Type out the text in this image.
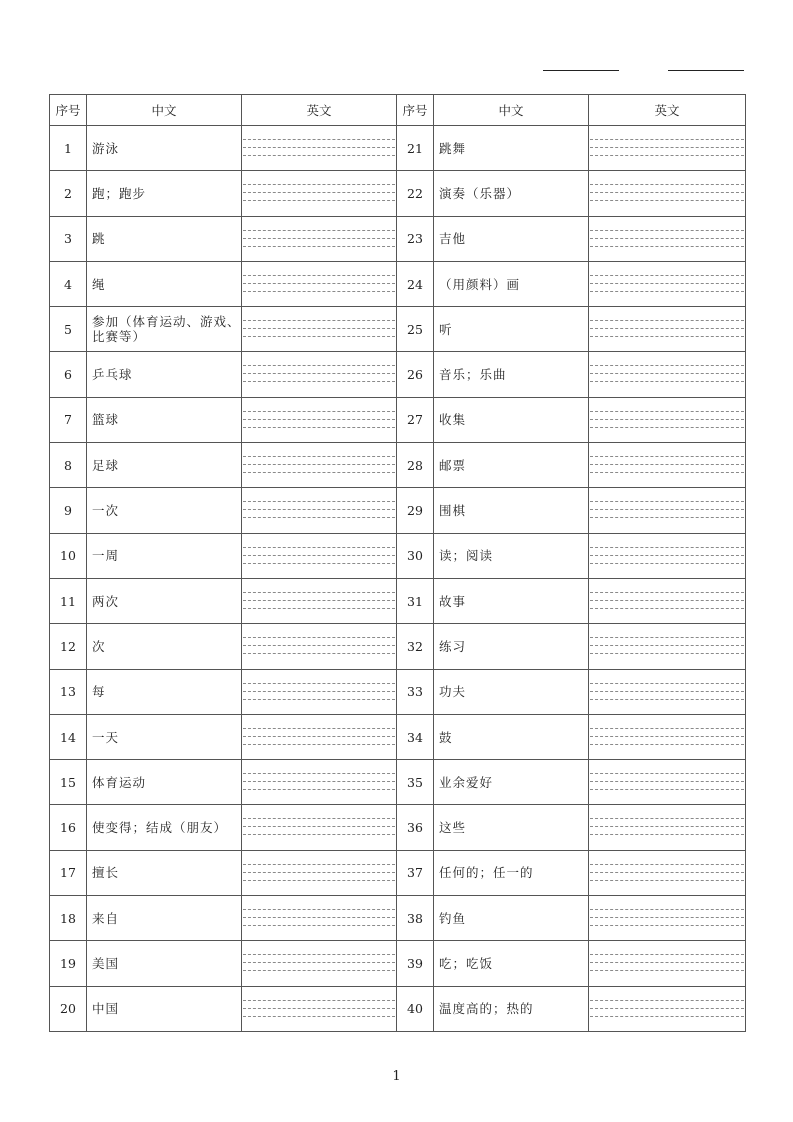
序号	中文	英文	序号	中文	英文
1	游泳		21	跳舞	

2	跑；跑步		22	演奏（乐器）	

3	跳		23	吉他	

4	绳		24	（用颜料）画	

5	参加（体育运动、游戏、比赛等）		25	听	

6	乒乓球		26	音乐；乐曲	

7	篮球		27	收集	

8	足球		28	邮票	

9	一次		29	围棋	

10	一周		30	读；阅读	

11	两次		31	故事	

12	次		32	练习	

13	每		33	功夫	

14	一天		34	鼓	

15	体育运动		35	业余爱好	

16	使变得；结成（朋友）		36	这些	

17	擅长		37	任何的；任一的	

18	来自		38	钓鱼	

19	美国		39	吃；吃饭	

20	中国		40	温度高的；热的	
1
